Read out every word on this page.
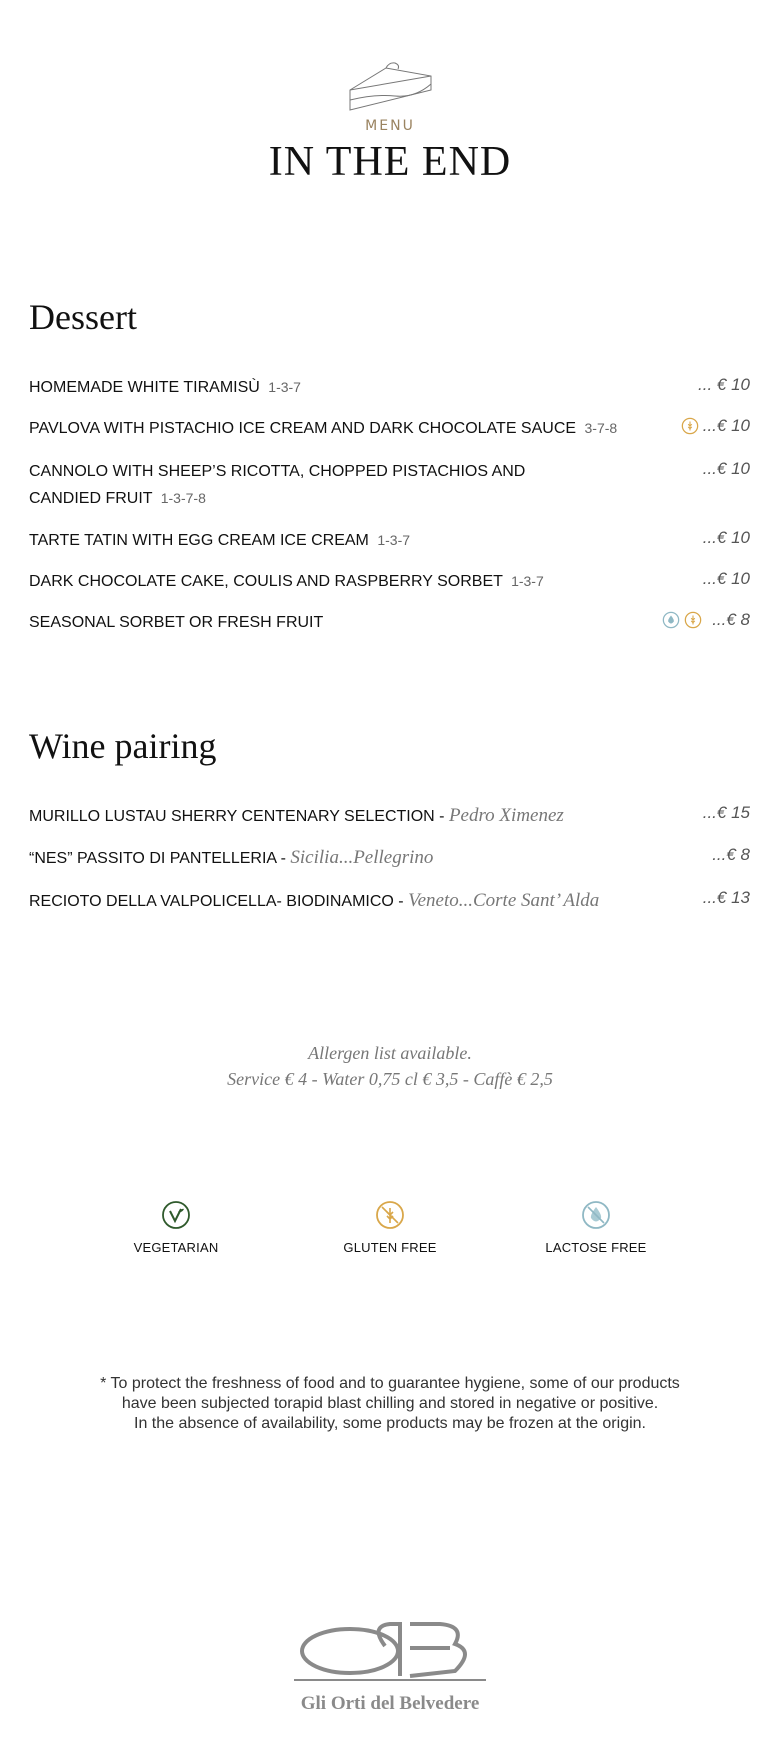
MENU
IN THE END
Dessert
HOMEMADE WHITE TIRAMISÙ 1-3-7	... € 10
PAVLOVA WITH PISTACHIO ICE CREAM AND DARK CHOCOLATE SAUCE 3-7-8	...€ 10
CANNOLO WITH SHEEP’S RICOTTA, CHOPPED PISTACHIOS AND CANDIED FRUIT 1-3-7-8
...€ 10
TARTE TATIN WITH EGG CREAM ICE CREAM 1-3-7	...€ 10
DARK CHOCOLATE CAKE, COULIS AND RASPBERRY SORBET 1-3-7	...€ 10
SEASONAL SORBET OR FRESH FRUIT	...€ 8
Wine pairing
MURILLO LUSTAU SHERRY CENTENARY SELECTION - Pedro Ximenez	...€ 15
“NES” PASSITO DI PANTELLERIA - Sicilia...Pellegrino	...€ 8
RECIOTO DELLA VALPOLICELLA- BIODINAMICO - Veneto...Corte Sant’ Alda	...€ 13
Allergen list available.
Service € 4 - Water 0,75 cl € 3,5 - Caffè € 2,5
VEGETARIAN	GLUTEN FREE	LACTOSE FREE
* To protect the freshness of food and to guarantee hygiene, some of our products
have been subjected torapid blast chilling and stored in negative or positive.
In the absence of availability, some products may be frozen at the origin.
Gli Orti del Belvedere
